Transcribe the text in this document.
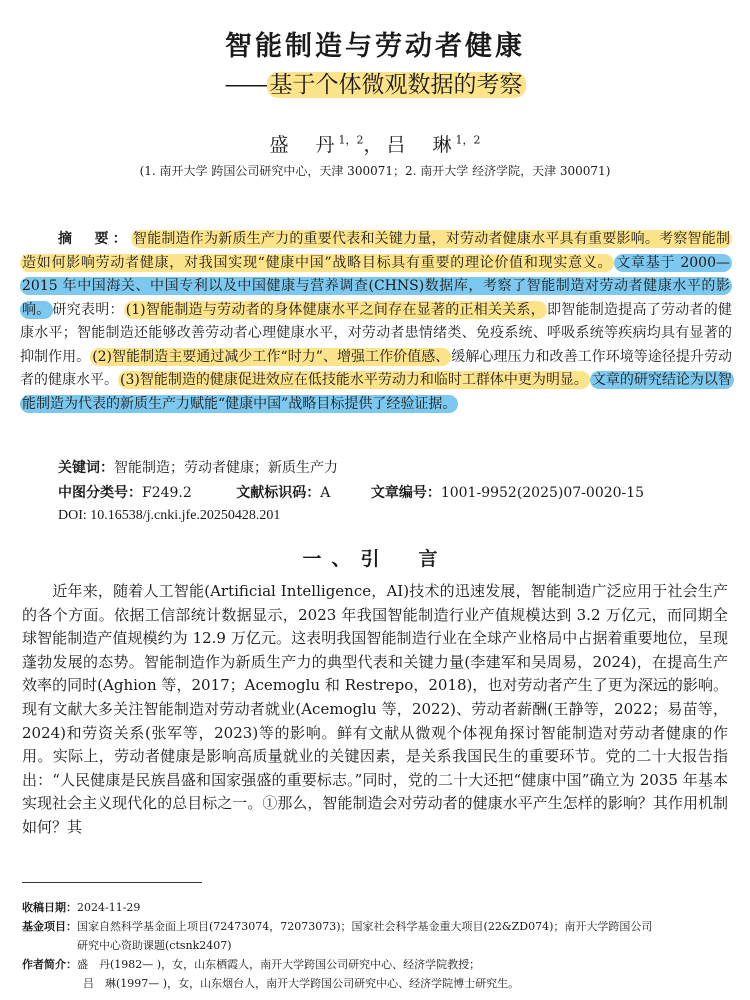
智能制造与劳动者健康
—— 基于个体微观数据的考察
盛　丹$^{1,2}$，吕　琳$^{1,2}$
(1. 南开大学 跨国公司研究中心，天津 300071；2. 南开大学 经济学院，天津 300071)
摘　要： 智能制造作为新质生产力的重要代表和关键力量，对劳动者健康水平具有重要影响。考察智能制造如何影响劳动者健康，对我国实现“健康中国”战略目标具有重要的理论价值和现实意义。 文章基于 2000—2015 年中国海关、中国专利以及中国健康与营养调查(CHNS)数据库，考察了智能制造对劳动者健康水平的影响。 研究表明： (1)智能制造与劳动者的身体健康水平之间存在显著的正相关关系， 即智能制造提高了劳动者的健康水平；智能制造还能够改善劳动者心理健康水平，对劳动者患情绪类、免疫系统、呼吸系统等疾病均具有显著的抑制作用。 (2)智能制造主要通过减少工作“时力”、增强工作价值感、 缓解心理压力和改善工作环境等途径提升劳动者的健康水平。 (3)智能制造的健康促进效应在低技能水平劳动力和临时工群体中更为明显。 文章的研究结论为以智能制造为代表的新质生产力赋能“健康中国”战略目标提供了经验证据。
关键词：智能制造；劳动者健康；新质生产力
中图分类号：F249.2	文献标识码：A	文章编号：1001-9952(2025)07-0020-15
DOI: 10.16538/j.cnki.jfe.20250428.201
一、引　言

　　近年来，随着人工智能(Artificial Intelligence，AI)技术的迅速发展，智能制造广泛应用于社会生产的各个方面。依据工信部统计数据显示，2023 年我国智能制造行业产值规模达到 3.2 万亿元，而同期全球智能制造产值规模约为 12.9 万亿元。这表明我国智能制造行业在全球产业格局中占据着重要地位，呈现蓬勃发展的态势。智能制造作为新质生产力的典型代表和关键力量(李建军和吴周易，2024)，在提高生产效率的同时(Aghion 等，2017；Acemoglu 和 Restrepo，2018)，也对劳动者产生了更为深远的影响。现有文献大多关注智能制造对劳动者就业(Acemoglu 等，2022)、劳动者薪酬(王静等，2022；易苗等，2024)和劳资关系(张军等，2023)等的影响。鲜有文献从微观个体视角探讨智能制造对劳动者健康的作用。实际上，劳动者健康是影响高质量就业的关键因素，是关系我国民生的重要环节。党的二十大报告指出：“人民健康是民族昌盛和国家强盛的重要标志。”同时，党的二十大还把“健康中国”确立为 2035 年基本实现社会主义现代化的总目标之一。①那么，智能制造会对劳动者的健康水平产生怎样的影响？其作用机制如何？其

收稿日期： 2024-11-29
基金项目： 国家自然科学基金面上项目(72473074，72073073)；国家社会科学基金重大项目(22&ZD074)；南开大学跨国公司
研究中心资助课题(ctsnk2407)
作者简介： 盛　丹(1982— )，女，山东栖霞人，南开大学跨国公司研究中心、经济学院教授；
吕　琳(1997— )，女，山东烟台人，南开大学跨国公司研究中心、经济学院博士研究生。
